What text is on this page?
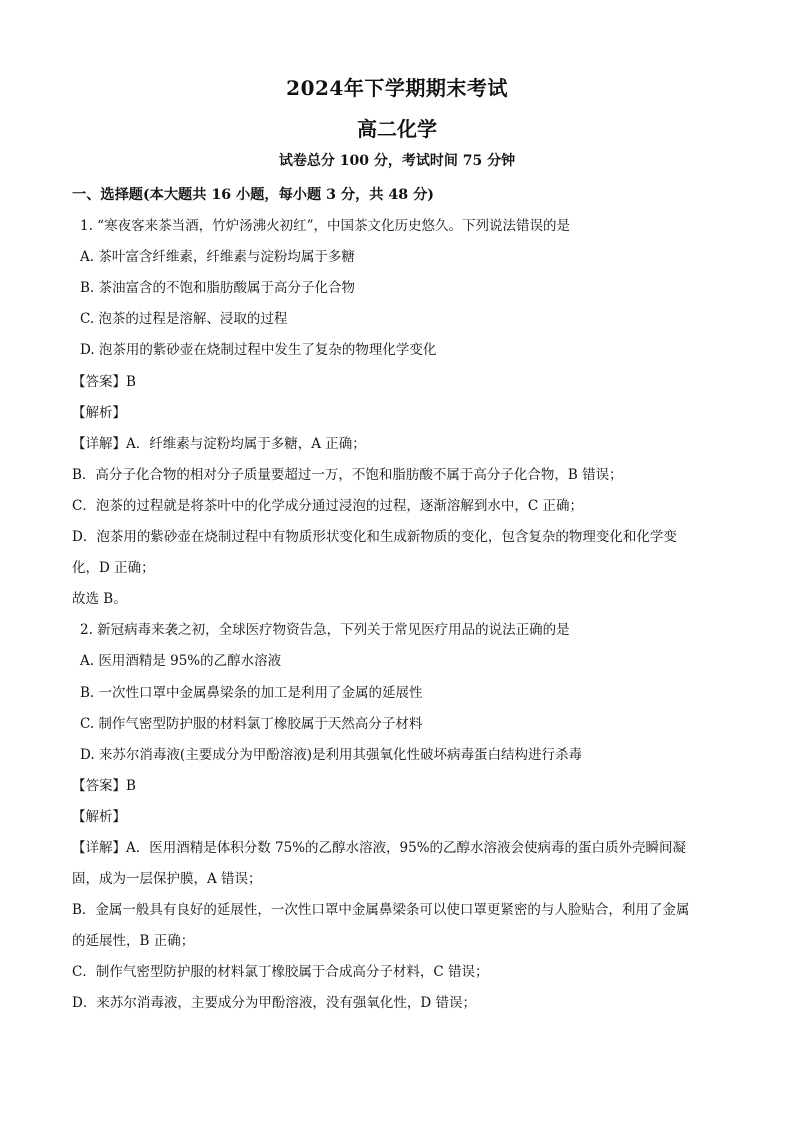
2024年下学期期末考试
高二化学
试卷总分 100 分，考试时间 75 分钟
一、选择题(本大题共 16 小题，每小题 3 分，共 48 分)
1. “寒夜客来茶当酒，竹炉汤沸火初红”，中国茶文化历史悠久。下列说法错误的是
A. 茶叶富含纤维素，纤维素与淀粉均属于多糖
B. 茶油富含的不饱和脂肪酸属于高分子化合物
C. 泡茶的过程是溶解、浸取的过程
D. 泡茶用的紫砂壶在烧制过程中发生了复杂的物理化学变化
【答案】B
【解析】
【详解】A．纤维素与淀粉均属于多糖，A 正确；
B．高分子化合物的相对分子质量要超过一万，不饱和脂肪酸不属于高分子化合物，B 错误；
C．泡茶的过程就是将茶叶中的化学成分通过浸泡的过程，逐渐溶解到水中，C 正确；
D．泡茶用的紫砂壶在烧制过程中有物质形状变化和生成新物质的变化，包含复杂的物理变化和化学变
化，D 正确；
故选 B。
2. 新冠病毒来袭之初，全球医疗物资告急，下列关于常见医疗用品的说法正确的是
A. 医用酒精是 95%的乙醇水溶液
B. 一次性口罩中金属鼻梁条的加工是利用了金属的延展性
C. 制作气密型防护服的材料氯丁橡胶属于天然高分子材料
D. 来苏尔消毒液(主要成分为甲酚溶液)是利用其强氧化性破坏病毒蛋白结构进行杀毒
【答案】B
【解析】
【详解】A．医用酒精是体积分数 75%的乙醇水溶液，95%的乙醇水溶液会使病毒的蛋白质外壳瞬间凝
固，成为一层保护膜，A 错误；
B．金属一般具有良好的延展性，一次性口罩中金属鼻梁条可以使口罩更紧密的与人脸贴合，利用了金属
的延展性，B 正确；
C．制作气密型防护服的材料氯丁橡胶属于合成高分子材料，C 错误；
D．来苏尔消毒液，主要成分为甲酚溶液，没有强氧化性，D 错误；
